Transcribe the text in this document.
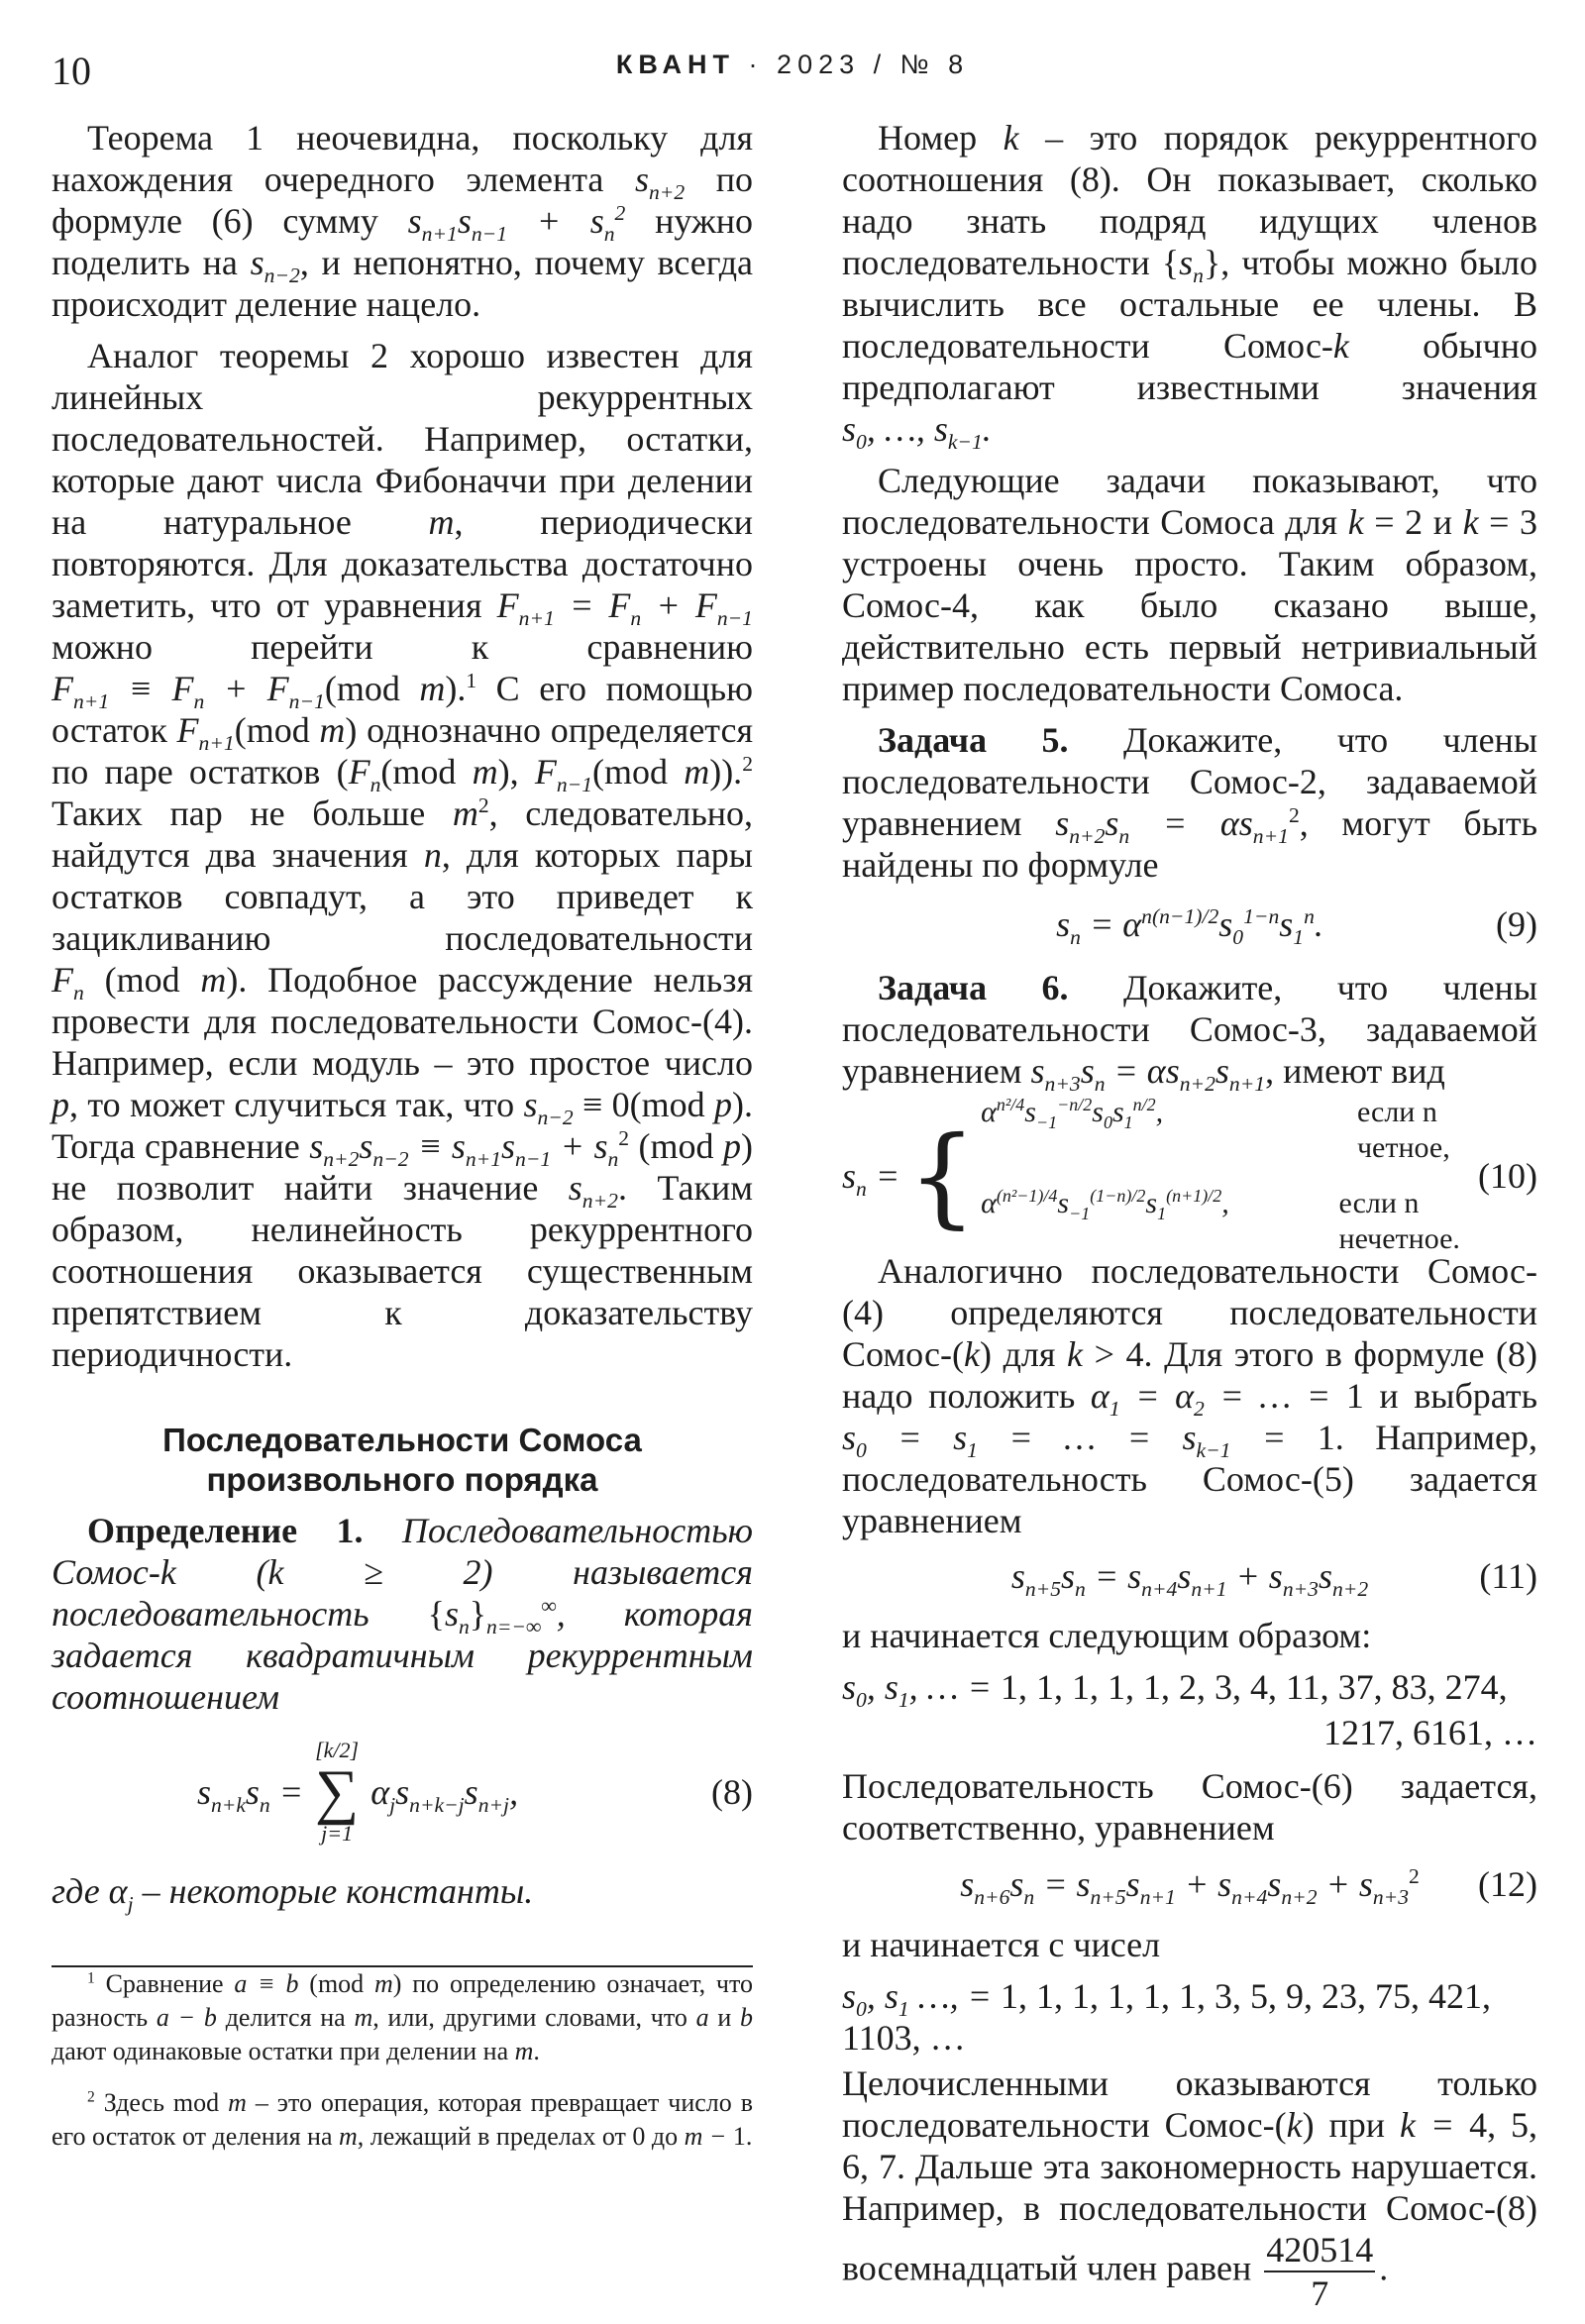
10	КВАНТ · 2023 / № 8

Теорема 1 неочевидна, поскольку для нахождения очередного элемента $s_{n+2}$ по формуле (6) сумму $s_{n+1}s_{n-1} + s_n^2$ нужно поделить на $s_{n-2}$, и непонятно, почему всегда происходит деление нацело.

Аналог теоремы 2 хорошо известен для линейных рекуррентных последовательностей. Например, остатки, которые дают числа Фибоначчи при делении на натуральное m, периодически повторяются. Для доказательства достаточно заметить, что от уравнения $F_{n+1} = F_n + F_{n-1}$ можно перейти к сравнению $F_{n+1} \equiv F_n + F_{n-1}(mod$ m).$^1$ С его помощью остаток $F_{n+1}(mod$ m) однозначно определяется по паре остатков ($F_n(mod$ m), $F_{n-1}(mod$ m)).$^2$ Таких пар не больше $m^2$, следовательно, найдутся два значения n, для которых пары остатков совпадут, а это приведет к зацикливанию последовательности $F_n$ (mod m). Подобное рассуждение нельзя провести для последовательности Сомос-(4). Например, если модуль – это простое число p, то может случиться так, что $s_{n-2} \equiv 0(mod$ p). Тогда сравнение $s_{n+2}s_{n-2} \equiv s_{n+1}s_{n-1} + s_n^2$ (mod p) не позволит найти значение $s_{n+2}$. Таким образом, нелинейность рекуррентного соотношения оказывается существенным препятствием к доказательству периодичности.

Последовательности Сомоса произвольного порядка
Определение 1. Последовательностью Сомос-k (k ≥ 2) называется последовательность $\{s_n\}_{n=-\infty}^\infty$, которая задается квадратичным рекуррентным соотношением
$s_{n+k}s_n$ =
[k/2]
∑
j=1
$\alpha_js_{n+k-j}s_{n+j}$,	(8)

где $\alpha_j$ – некоторые константы.

$^1$ Сравнение a ≡ b (mod m) по определению означает, что разность a − b делится на m, или, другими словами, что a и b дают одинаковые остатки при делении на m.

$^2$ Здесь mod m – это операция, которая превращает число в его остаток от деления на m, лежащий в пределах от 0 до m − 1.

Номер k – это порядок рекуррентного соотношения (8). Он показывает, сколько надо знать подряд идущих членов последовательности $\{s_n\}$, чтобы можно было вычислить все остальные ее члены. В последовательности Сомос-k обычно предполагают известными значения $s_0$, …, $s_{k-1}$.

Следующие задачи показывают, что последовательности Сомоса для k = 2 и k = 3 устроены очень просто. Таким образом, Сомос-4, как было сказано выше, действительно есть первый нетривиальный пример последовательности Сомоса.

Задача 5. Докажите, что члены последовательности Сомос-2, задаваемой уравнением $s_{n+2}s_n = \alpha s_{n+1}^2$, могут быть найдены по формуле

$s_n = \alpha^{n(n-1)/2}s_0^{1-n}s_1^n$.	(9)

Задача 6. Докажите, что члены последовательности Сомос-3, задаваемой уравнением $s_{n+3}s_n = \alpha s_{n+2}s_{n+1}$, имеют вид

$s_n$ = {
$\alpha^{n^2/4}s_{-1}^{-n/2}s_0s_1^{n/2}$,	если n четное,
$\alpha^{(n^2-1)/4}s_{-1}^{(1-n)/2}s_1^{(n+1)/2}$,	если n нечетное.
(10)

Аналогично последовательности Сомос-(4) определяются последовательности Сомос-(k) для k > 4. Для этого в формуле (8) надо положить $\alpha_1 = \alpha_2$ = … = 1 и выбрать $s_0 = s_1$ = … = $s_{k-1} = 1$. Например, последовательность Сомос-(5) задается уравнением

$s_{n+5}s_n = s_{n+4}s_{n+1} + s_{n+3}s_{n+2}$	(11)

и начинается следующим образом:

$s_0$, $s_1$, … = 1, 1, 1, 1, 1, 2, 3, 4, 11, 37, 83, 274,
1217, 6161, …

Последовательность Сомос-(6) задается, соответственно, уравнением

$s_{n+6}s_n = s_{n+5}s_{n+1} + s_{n+4}s_{n+2} + s_{n+3}^2$ (12)

и начинается с чисел

$s_0$, $s_1$ …, = 1, 1, 1, 1, 1, 1, 3, 5, 9, 23, 75, 421, 1103, …

Целочисленными оказываются только последовательности Сомос-(k) при k = 4, 5, 6, 7. Дальше эта закономерность нарушается. Например, в последовательности Сомос-(8) восемнадцатый член равен $\frac{420514}{7}$ .
